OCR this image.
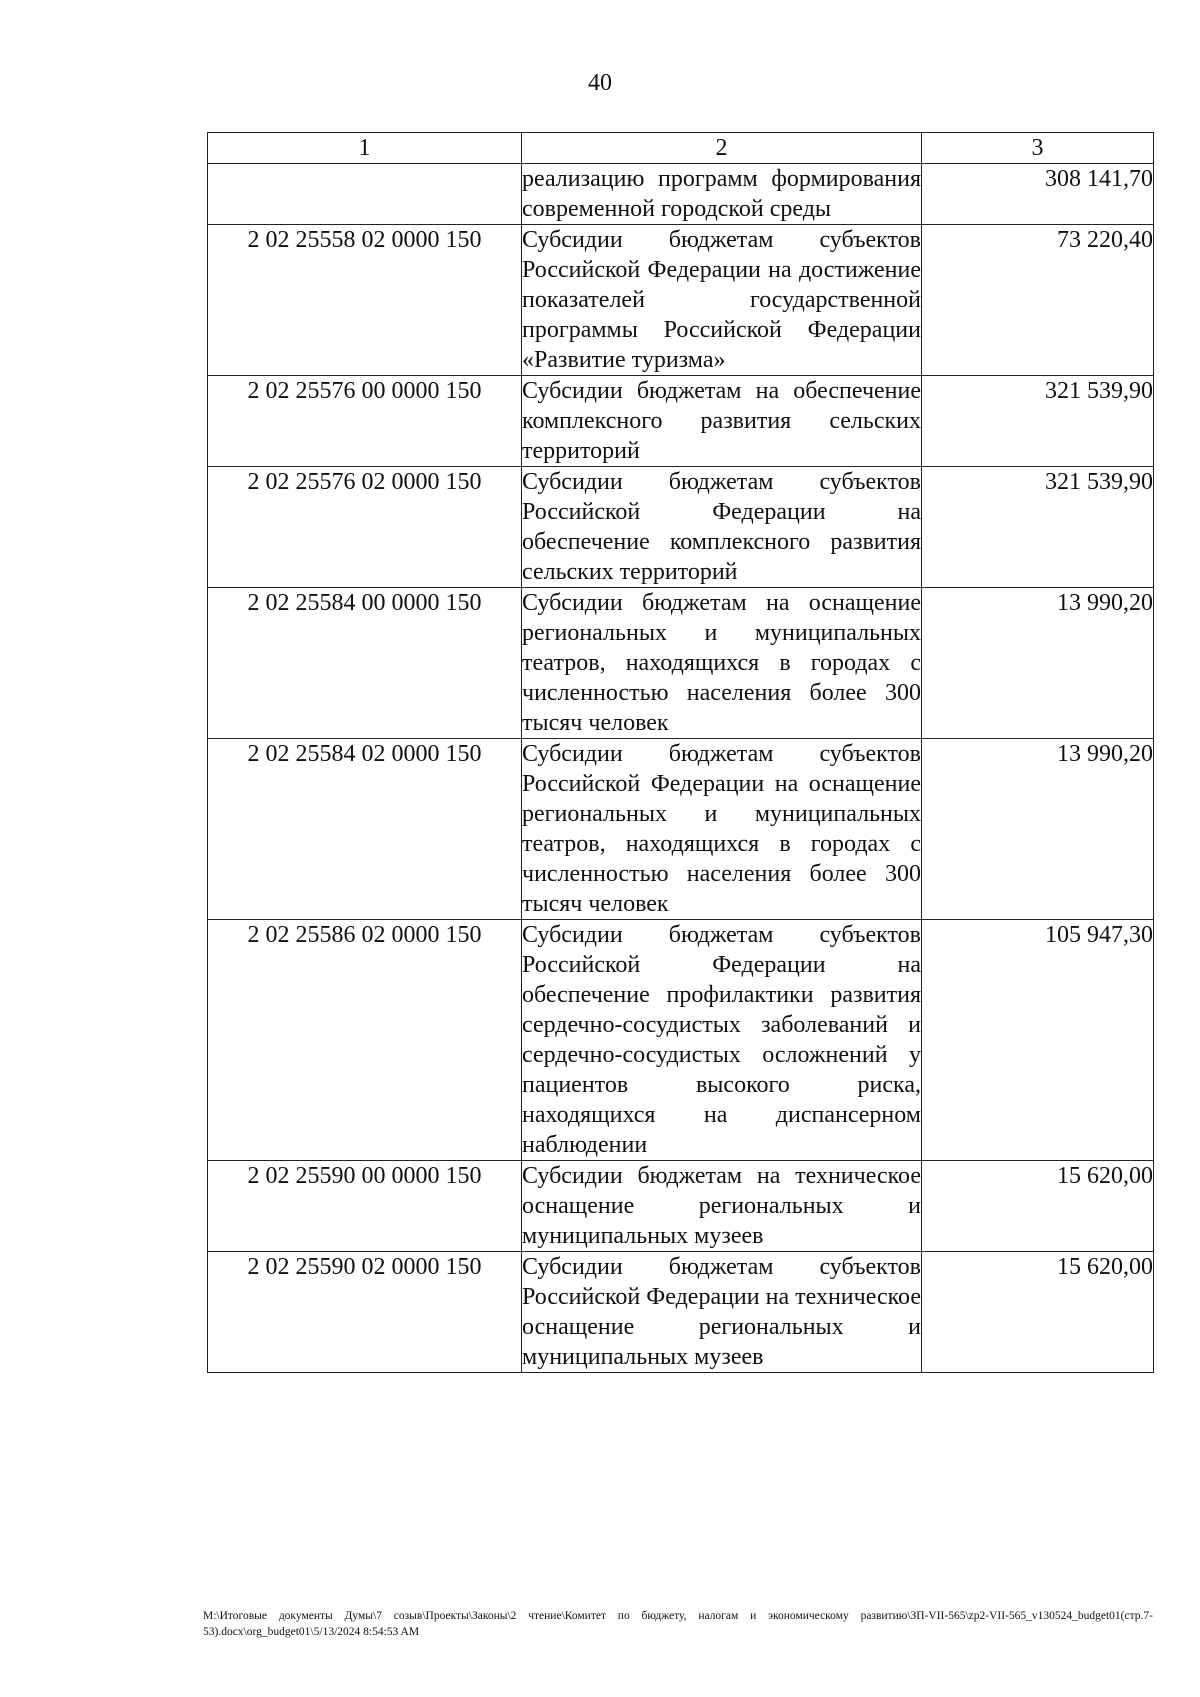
40
1	2	3
	реализацию программ формирования современной городской среды	308 141,70
2 02 25558 02 0000 150	Субсидии бюджетам субъектов Российской Федерации на достижение показателей государственной программы Российской Федерации «Развитие туризма»	73 220,40
2 02 25576 00 0000 150	Субсидии бюджетам на обеспечение комплексного развития сельских территорий	321 539,90
2 02 25576 02 0000 150	Субсидии бюджетам субъектов Российской Федерации на обеспечение комплексного развития сельских территорий	321 539,90
2 02 25584 00 0000 150	Субсидии бюджетам на оснащение региональных и муниципальных театров, находящихся в городах с численностью населения более 300 тысяч человек	13 990,20
2 02 25584 02 0000 150	Субсидии бюджетам субъектов Российской Федерации на оснащение региональных и муниципальных театров, находящихся в городах с численностью населения более 300 тысяч человек	13 990,20
2 02 25586 02 0000 150	Субсидии бюджетам субъектов Российской Федерации на обеспечение профилактики развития сердечно-сосудистых заболеваний и сердечно-сосудистых осложнений у пациентов высокого риска, находящихся на диспансерном наблюдении	105 947,30
2 02 25590 00 0000 150	Субсидии бюджетам на техническое оснащение региональных и муниципальных музеев	15 620,00
2 02 25590 02 0000 150	Субсидии бюджетам субъектов Российской Федерации на техническое оснащение региональных и муниципальных музеев	15 620,00
M:\Итоговые документы Думы\7 созыв\Проекты\Законы\2 чтение\Комитет по бюджету, налогам и экономическому развитию\ЗП-VII-565\zp2-VII-565_v130524_budget01(стр.7-53).docx\org_budget01\5/13/2024 8:54:53 AM
